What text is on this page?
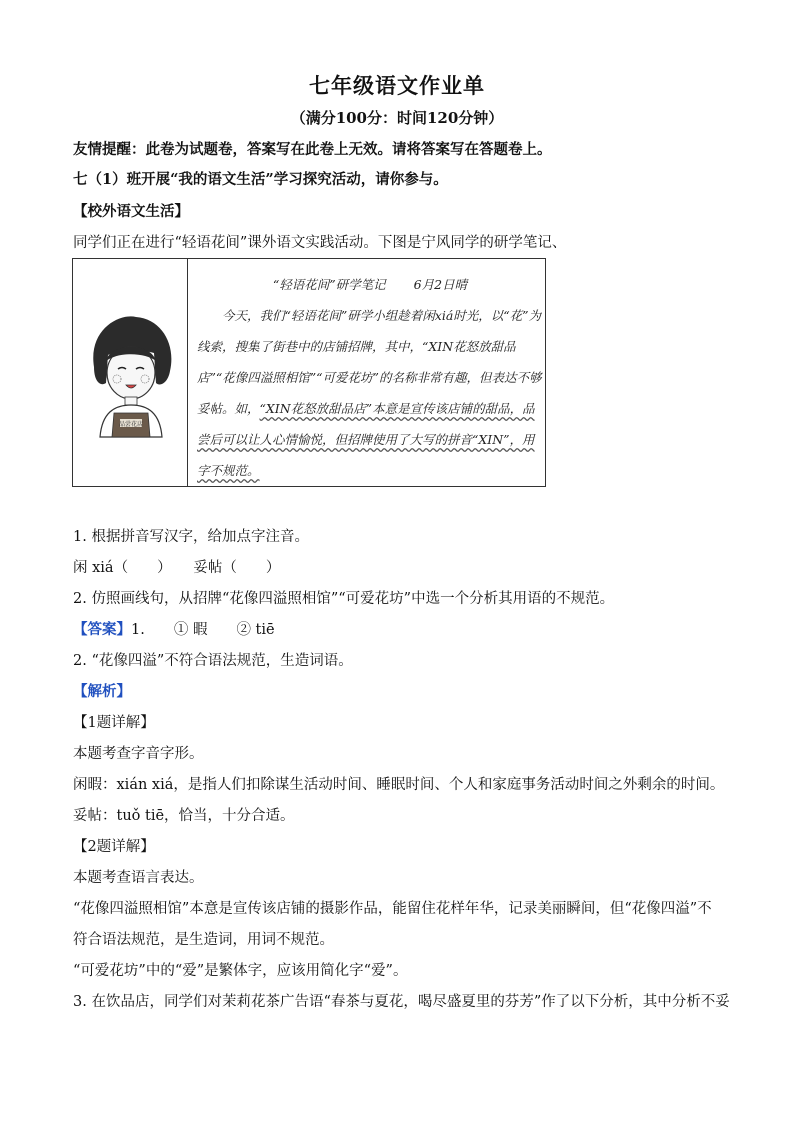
七年级语文作业单
（满分100分：时间120分钟）
友情提醒：此卷为试题卷，答案写在此卷上无效。请将答案写在答题卷上。
七（1）班开展“我的语文生活”学习探究活动，请你参与。
【校外语文生活】
同学们正在进行“轻语花间”课外语文实践活动。下图是宁风同学的研学笔记、
品尝花店
“轻语花间”研学笔记 6月2日晴
今天，我们“轻语花间”研学小组趁着闲xiá时光，以“花”为线索，搜集了街巷中的店铺招牌，其中，“XIN花怒放甜品店”“花像四溢照相馆”“可爱花坊”的名称非常有趣，但表达不够妥帖。如，“XIN花怒放甜品店”本意是宣传该店铺的甜品，品尝后可以让人心情愉悦，但招牌使用了大写的拼音“XIN”，用字不规范。
1. 根据拼音写汉字，给加点字注音。
闲 xiá（　　）　　妥帖（　　）
2. 仿照画线句，从招牌“花像四溢照相馆”“可爱花坊”中选一个分析其用语的不规范。
【答案】1.　　① 暇　　② tiē
2. “花像四溢”不符合语法规范，生造词语。
【解析】
【1题详解】
本题考查字音字形。
闲暇：xián xiá，是指人们扣除谋生活动时间、睡眠时间、个人和家庭事务活动时间之外剩余的时间。
妥帖：tuǒ tiē，恰当，十分合适。
【2题详解】
本题考查语言表达。
“花像四溢照相馆”本意是宣传该店铺的摄影作品，能留住花样年华，记录美丽瞬间，但“花像四溢”不
符合语法规范，是生造词，用词不规范。
“可爱花坊”中的“爱”是繁体字，应该用简化字“爱”。
3. 在饮品店，同学们对茉莉花茶广告语“春茶与夏花，喝尽盛夏里的芬芳”作了以下分析，其中分析不妥
